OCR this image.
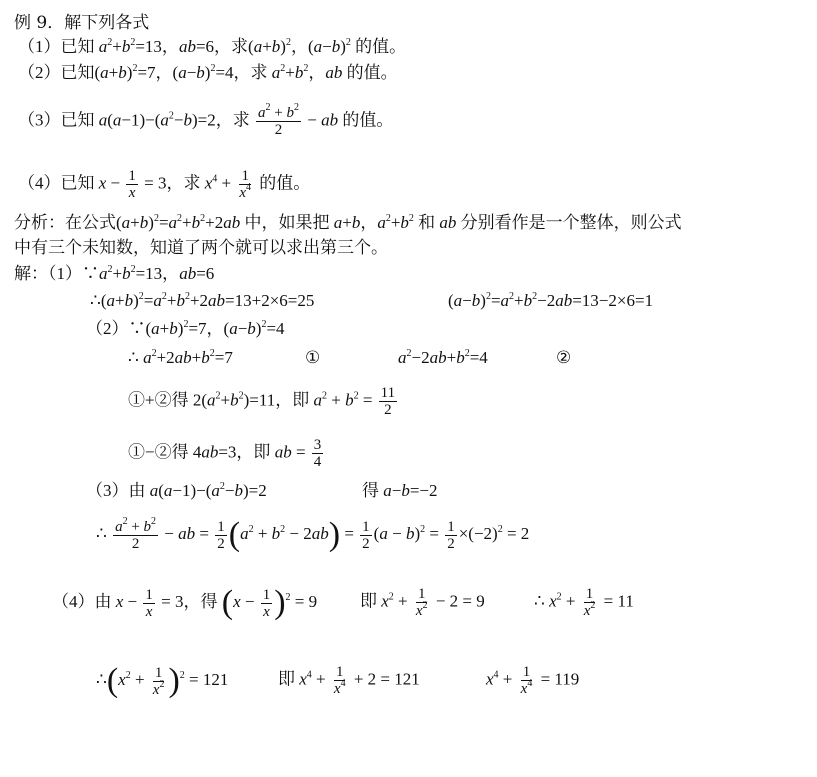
例 9．解下列各式
（1）已知 $a^2+b^2=13$，ab=6，求$(a+b)^2$，$(a-b)^2$ 的值。
（2）已知$(a+b)^2=7$，$(a-b)^2=4$，求 $a^2+b^2$，ab 的值。
（3）已知 $a(a-1)-(a^2-b)=2$，求 $\frac{a^2 + b^2}{2}$ − ab 的值。
（4）已知 $x - \frac{1}{x} = 3$，求 $x^4 + \frac{1}{x^4}$ 的值。
分析：在公式$(a+b)^2=a^2+b^2+2ab$ 中，如果把 a+b，$a^2+b^2$ 和 ab 分别看作是一个整体，则公式
中有三个未知数，知道了两个就可以求出第三个。
解：$(1)\because a^2+b^2=13$，ab=6
$\therefore(a+b)^2=a^2+b^2+2ab=13+2\times 6=25$	$(a-b)^2=a^2+b^2-2ab=13-2\times 6=1$
$(2)\because(a+b)^2=7$，$(a-b)^2=4$
∴ $a^2+2ab+b^2=7$	①	$a^2-2ab+b^2=4$	②
①+②得 $2(a^2+b^2)=11$，即 $a^2 + b^2 = \frac{11}{2}$
①−②得 4ab=3，即 ab = $\frac{3}{4}$
（3）由 $a(a-1)-(a^2-b)=2$	得 a−b=−2
∴ $\frac{a^2 + b^2}{2}$ − ab = $\frac{1}{2} (a^2 + b^2 - 2ab) = \frac{1}{2} (a - b)^2 = \frac{1}{2} \times(-2)^2 = 2$
（4）由 $x - \frac{1}{x} = 3$，得 $(x - \frac{1}{x} )^2 = 9$	即 $x^2 + \frac{1}{x^2} - 2 = 9$	∴ $x^2 + \frac{1}{x^2} = 11$
$\therefore(x^2 + \frac{1}{x^2} )^2 = 121$	即 $x^4 + \frac{1}{x^4} + 2 = 121$	$x^4 + \frac{1}{x^4} = 119$
